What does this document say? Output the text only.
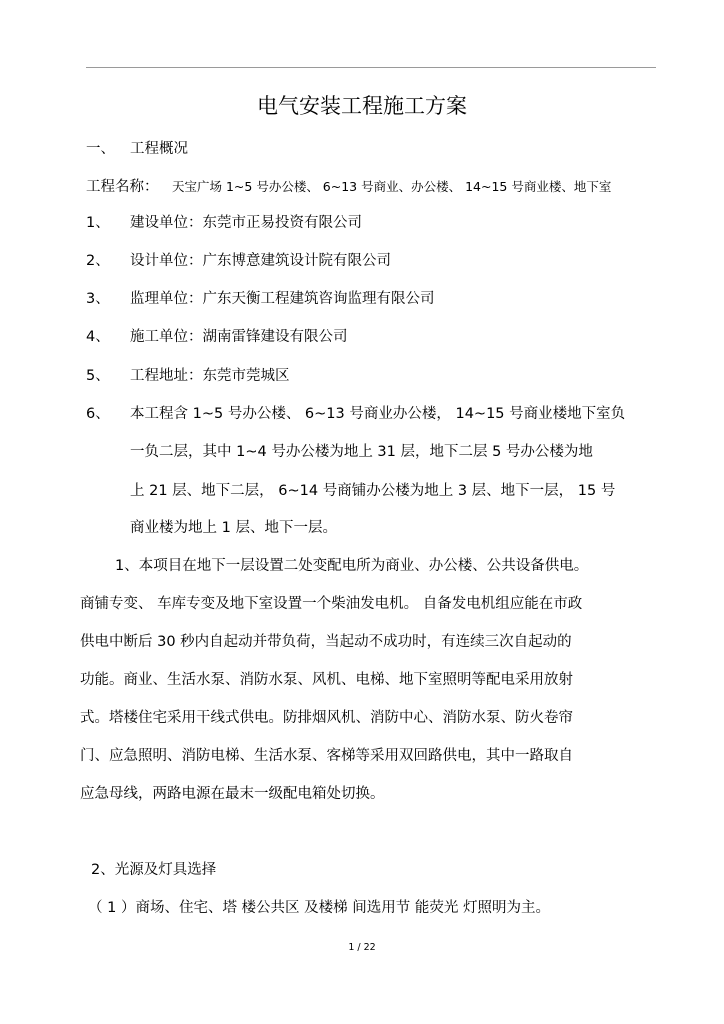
电气安装工程施工方案
一、 工程概况
工程名称： 天宝广场 1~5 号办公楼、 6~13 号商业、办公楼、 14~15 号商业楼、地下室
1、 建设单位：东莞市正易投资有限公司
2、 设计单位：广东博意建筑设计院有限公司
3、 监理单位：广东天衡工程建筑咨询监理有限公司
4、 施工单位：湖南雷锋建设有限公司
5、 工程地址：东莞市莞城区
6、 本工程含 1~5 号办公楼、 6~13 号商业办公楼， 14~15 号商业楼地下室负
一负二层，其中 1~4 号办公楼为地上 31 层，地下二层 5 号办公楼为地
上 21 层、地下二层， 6~14 号商铺办公楼为地上 3 层、地下一层， 15 号
商业楼为地上 1 层、地下一层。
1、本项目在地下一层设置二处变配电所为商业、办公楼、公共设备供电。
商铺专变、 车库专变及地下室设置一个柴油发电机。 自备发电机组应能在市政
供电中断后 30 秒内自起动并带负荷，当起动不成功时，有连续三次自起动的
功能。商业、生活水泵、消防水泵、风机、电梯、地下室照明等配电采用放射
式。塔楼住宅采用干线式供电。防排烟风机、消防中心、消防水泵、防火卷帘
门、应急照明、消防电梯、生活水泵、客梯等采用双回路供电，其中一路取自
应急母线，两路电源在最末一级配电箱处切换。
2、光源及灯具选择
（ 1 ）商场、住宅、塔 楼公共区 及楼梯 间选用节 能荧光 灯照明为主。
1 / 22
